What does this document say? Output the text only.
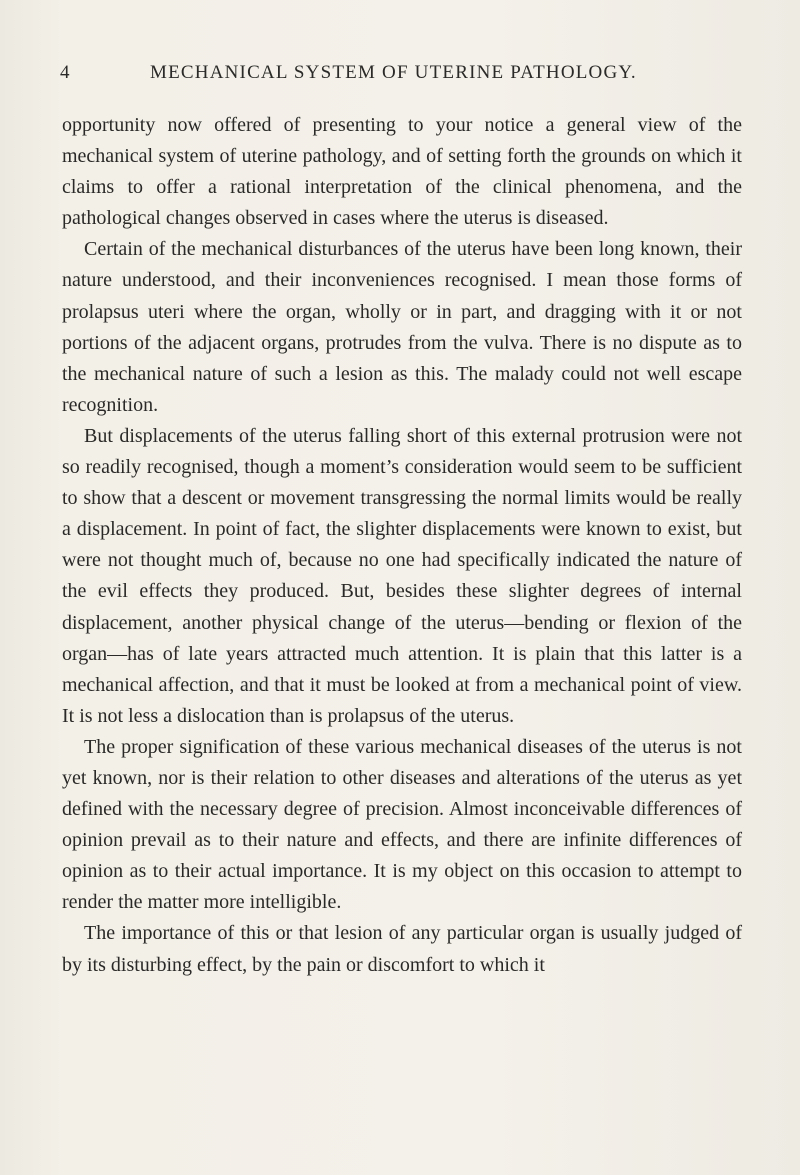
4	MECHANICAL SYSTEM OF UTERINE PATHOLOGY.

opportunity now offered of presenting to your notice a general view of the mechanical system of uterine pathology, and of setting forth the grounds on which it claims to offer a rational interpretation of the clinical phenomena, and the pathological changes observed in cases where the uterus is diseased.

Certain of the mechanical disturbances of the uterus have been long known, their nature understood, and their inconveniences recognised. I mean those forms of prolapsus uteri where the organ, wholly or in part, and dragging with it or not portions of the adjacent organs, protrudes from the vulva. There is no dispute as to the mechanical nature of such a lesion as this. The malady could not well escape recognition.

But displacements of the uterus falling short of this external protrusion were not so readily recognised, though a moment’s consideration would seem to be sufficient to show that a descent or movement transgressing the normal limits would be really a displacement. In point of fact, the slighter displacements were known to exist, but were not thought much of, because no one had specifically indicated the nature of the evil effects they produced. But, besides these slighter degrees of internal displacement, another physical change of the uterus—bending or flexion of the organ—has of late years attracted much attention. It is plain that this latter is a mechanical affection, and that it must be looked at from a mechanical point of view. It is not less a dislocation than is prolapsus of the uterus.

The proper signification of these various mechanical diseases of the uterus is not yet known, nor is their relation to other diseases and alterations of the uterus as yet defined with the necessary degree of precision. Almost inconceivable differences of opinion prevail as to their nature and effects, and there are infinite differences of opinion as to their actual importance. It is my object on this occasion to attempt to render the matter more intelligible.

The importance of this or that lesion of any particular organ is usually judged of by its disturbing effect, by the pain or discomfort to which it
